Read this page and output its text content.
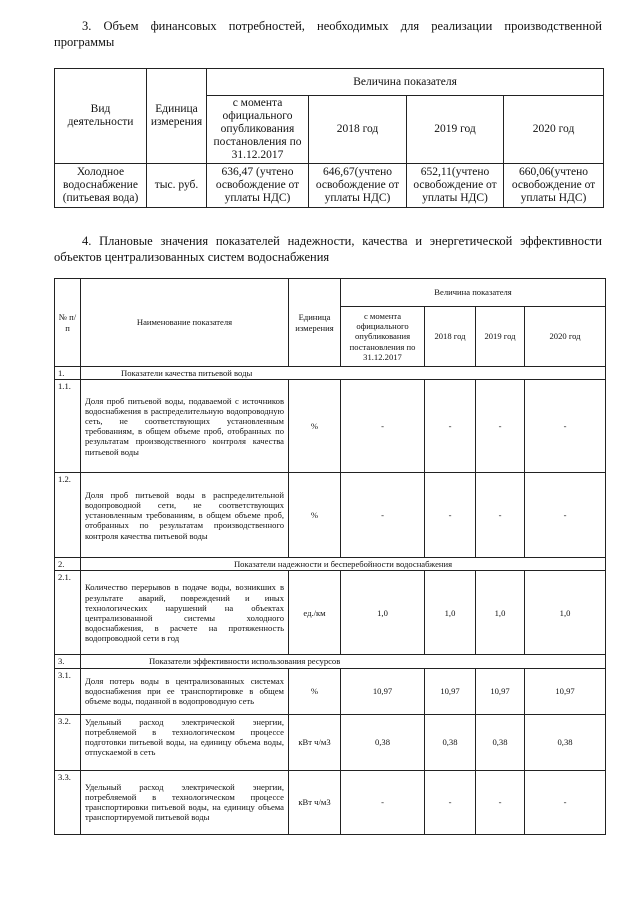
3. Объем финансовых потребностей, необходимых для реализации производственной программы

Вид деятельности	Единица измерения	Величина показателя			
		с момента официального опубликования постановления по 31.12.2017	2018 год	2019 год	2020 год
Холодное водоснабжение (питьевая вода)	тыс. руб.	636,47 (учтено освобождение от уплаты НДС)	646,67(учтено освобождение от уплаты НДС)	652,11(учтено освобождение от уплаты НДС)	660,06(учтено освобождение от уплаты НДС)

4. Плановые значения показателей надежности, качества и энергетической эффективности объектов централизованных систем водоснабжения

№ п/п	Наименование показателя	Единица измерения	Величина показателя			
			с момента официального опубликования постановления по 31.12.2017	2018 год	2019 год	2020 год
1.	Показатели качества питьевой воды					
1.1.	Доля проб питьевой воды, подаваемой с источников водоснабжения в распределительную водопроводную сеть, не соответствующих установленным требованиям, в общем объеме проб, отобранных по результатам производственного контроля качества питьевой воды	%	-	-	-	-
1.2.	Доля проб питьевой воды в распределительной водопроводной сети, не соответствующих установленным требованиям, в общем объеме проб, отобранных по результатам производственного контроля качества питьевой воды	%	-	-	-	-
2.	Показатели надежности и бесперебойности водоснабжения					
2.1.	Количество перерывов в подаче воды, возникших в результате аварий, повреждений и иных технологических нарушений на объектах централизованной системы холодного водоснабжения, в расчете на протяженность водопроводной сети в год	ед./км	1,0	1,0	1,0	1,0
3.	Показатели эффективности использования ресурсов					
3.1.	Доля потерь воды в централизованных системах водоснабжения при ее транспортировке в общем объеме воды, поданной в водопроводную сеть	%	10,97	10,97	10,97	10,97
3.2.	Удельный расход электрической энергии, потребляемой в технологическом процессе подготовки питьевой воды, на единицу объема воды, отпускаемой в сеть	кВт ч/м3	0,38	0,38	0,38	0,38
3.3.	Удельный расход электрической энергии, потребляемой в технологическом процессе транспортировки питьевой воды, на единицу объема транспортируемой питьевой воды	кВт ч/м3	-	-	-	-
